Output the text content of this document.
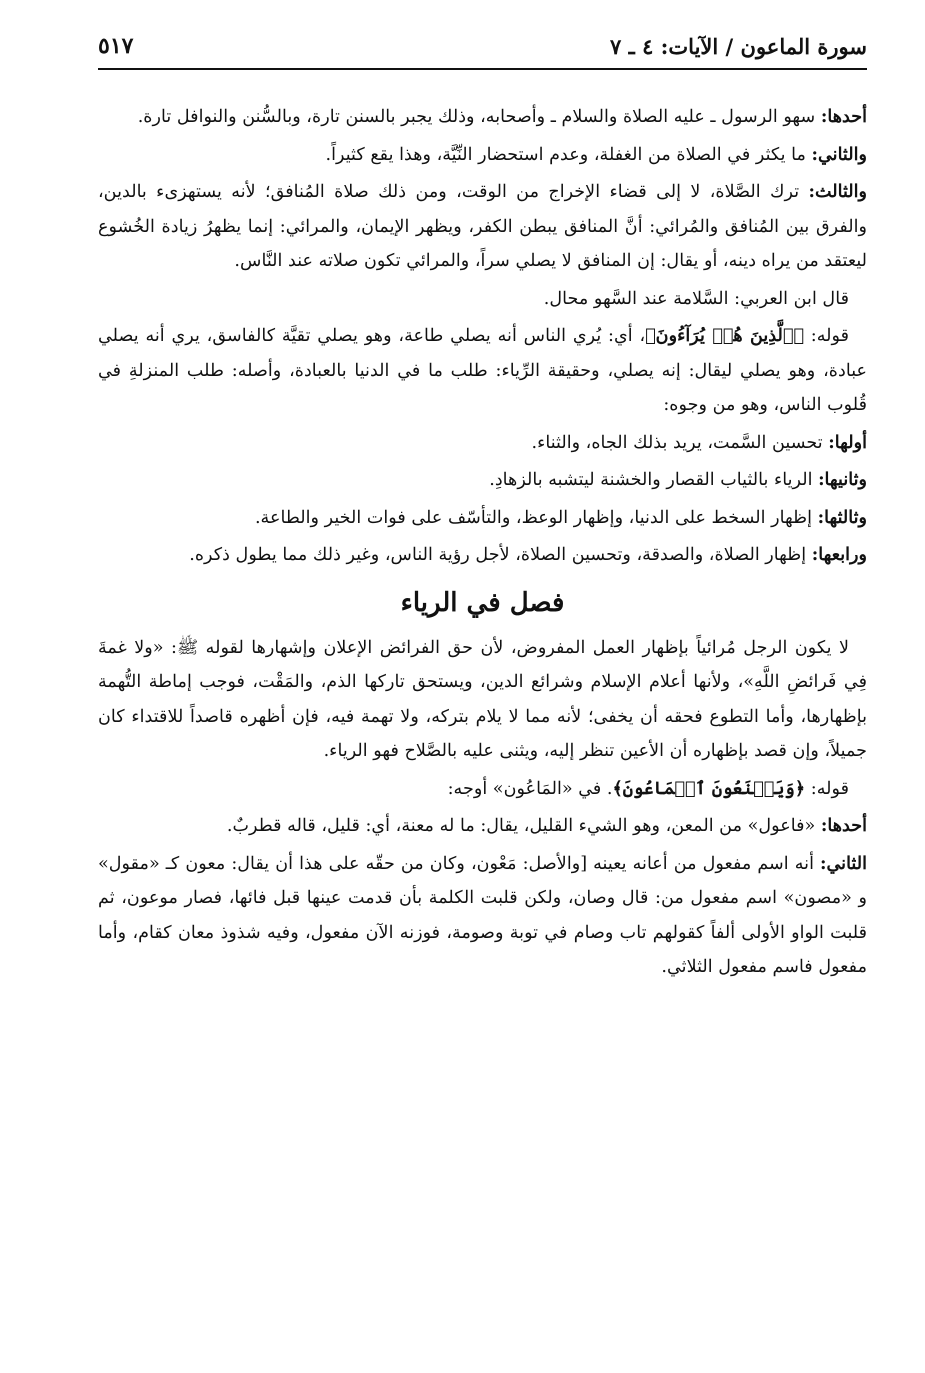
سورة الماعون / الآيات: ٤ ـ ٧
٥١٧

أحدها: سهو الرسول ـ عليه الصلاة والسلام ـ وأصحابه، وذلك يجبر بالسنن تارة، وبالسُّنن والنوافل تارة.

والثاني: ما يكثر في الصلاة من الغفلة، وعدم استحضار النِّيَّة، وهذا يقع كثيراً.

والثالث: ترك الصَّلاة، لا إلى قضاء الإخراج من الوقت، ومن ذلك صلاة المُنافق؛ لأنه يستهزىء بالدين، والفرق بين المُنافق والمُرائي: أنَّ المنافق يبطن الكفر، ويظهر الإيمان، والمرائي: إنما يظهرُ زيادة الخُشوع ليعتقد من يراه دينه، أو يقال: إن المنافق لا يصلي سراً، والمرائي تكون صلاته عند النَّاس.

قال ابن العربي: السَّلامة عند السَّهو محال.

قوله: ﴿ٱلَّذِينَ هُمۡ يُرَآءُونَ﴾، أي: يُري الناس أنه يصلي طاعة، وهو يصلي تقيَّة كالفاسق، يري أنه يصلي عبادة، وهو يصلي ليقال: إنه يصلي، وحقيقة الرِّياء: طلب ما في الدنيا بالعبادة، وأصله: طلب المنزلةِ في قُلوب الناس، وهو من وجوه:

أولها: تحسين السَّمت، يريد بذلك الجاه، والثناء.

وثانيها: الرياء بالثياب القصار والخشنة ليتشبه بالزهادِ.

وثالثها: إظهار السخط على الدنيا، وإظهار الوعظ، والتأسّف على فوات الخير والطاعة.

ورابعها: إظهار الصلاة، والصدقة، وتحسين الصلاة، لأجل رؤية الناس، وغير ذلك مما يطول ذكره.

فصل في الرياء

لا يكون الرجل مُرائياً بإظهار العمل المفروض، لأن حق الفرائض الإعلان وإشهارها لقوله ﷺ: «ولا غمةَ فِي فَرائضِ اللَّهِ»، ولأنها أعلام الإسلام وشرائع الدين، ويستحق تاركها الذم، والمَقْت، فوجب إماطة التُّهمة بإظهارها، وأما التطوع فحقه أن يخفى؛ لأنه مما لا يلام بتركه، ولا تهمة فيه، فإن أظهره قاصداً للاقتداء كان جميلاً، وإن قصد بإظهاره أن الأعين تنظر إليه، ويثنى عليه بالصَّلاح فهو الرياء.

قوله: ﴿وَيَمۡنَعُونَ ٱلۡمَاعُونَ﴾. في «المَاعُون» أوجه:

أحدها: «فاعول» من المعن، وهو الشيء القليل، يقال: ما له معنة، أي: قليل، قاله قطربٌ.

الثاني: أنه اسم مفعول من أعانه يعينه [والأصل: مَعْون، وكان من حقّه على هذا أن يقال: معون كـ «مقول» و «مصون» اسم مفعول من: قال وصان، ولكن قلبت الكلمة بأن قدمت عينها قبل فائها، فصار موعون، ثم قلبت الواو الأولى ألفاً كقولهم تاب وصام في توبة وصومة، فوزنه الآن مفعول، وفيه شذوذ معان كقام، وأما مفعول فاسم مفعول الثلاثي.
